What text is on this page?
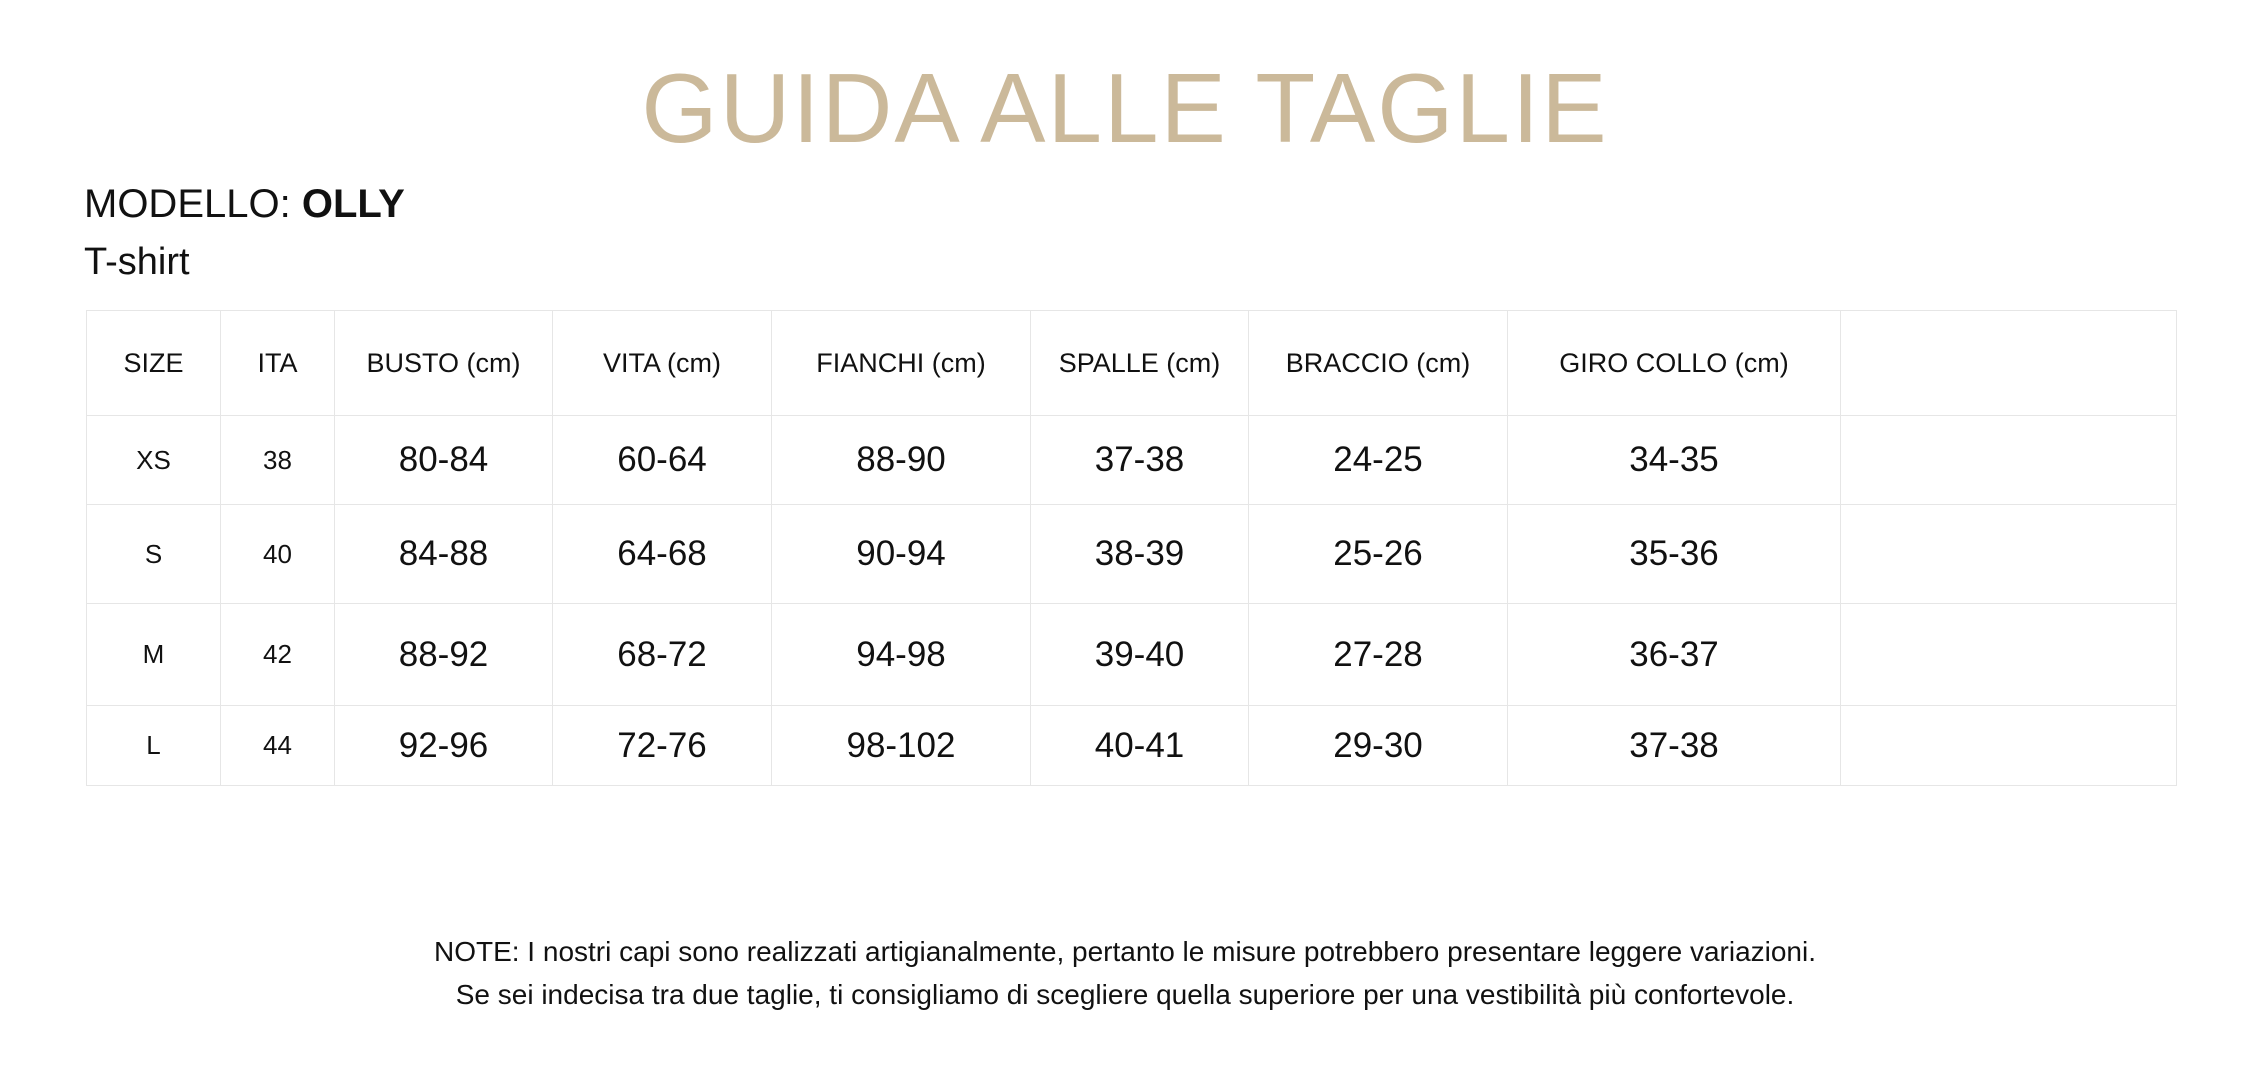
GUIDA ALLE TAGLIE
MODELLO: OLLY
T-shirt
SIZE	ITA	BUSTO (cm)	VITA (cm)	FIANCHI (cm)	SPALLE (cm)	BRACCIO (cm)	GIRO COLLO (cm)	
XS	38	80-84	60-64	88-90	37-38	24-25	34-35	
S	40	84-88	64-68	90-94	38-39	25-26	35-36	
M	42	88-92	68-72	94-98	39-40	27-28	36-37	
L	44	92-96	72-76	98-102	40-41	29-30	37-38	
NOTE: I nostri capi sono realizzati artigianalmente, pertanto le misure potrebbero presentare leggere variazioni.
Se sei indecisa tra due taglie, ti consigliamo di scegliere quella superiore per una vestibilità più confortevole.
